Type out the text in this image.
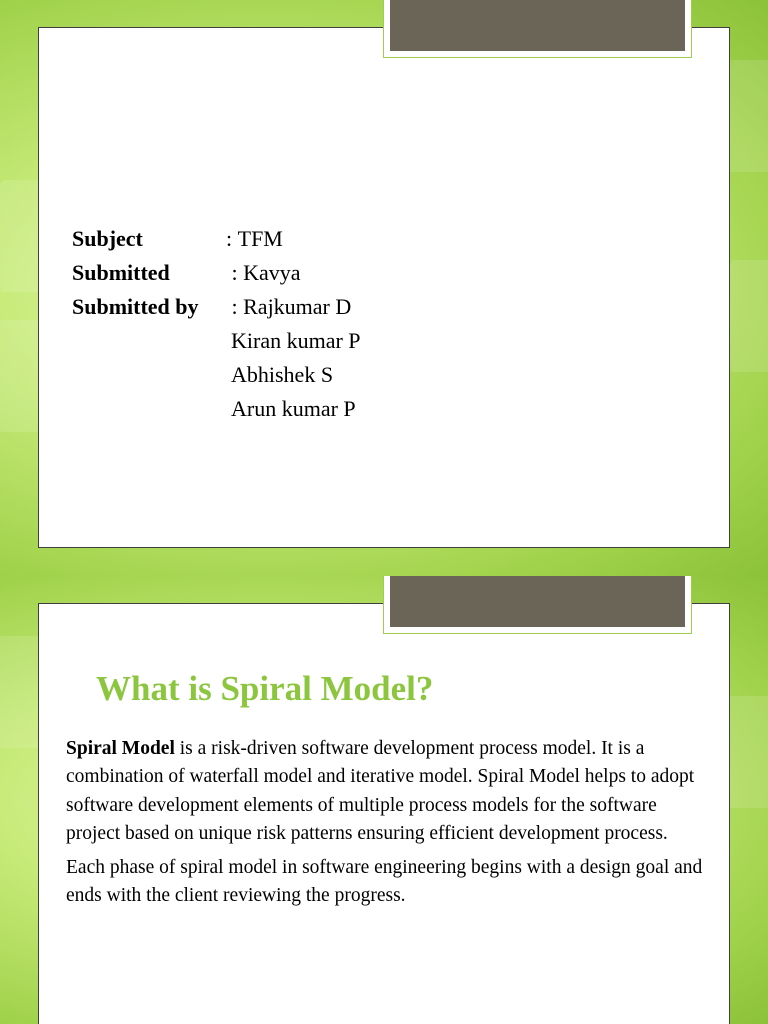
Subject	: TFM
Submitted	: Kavya
Submitted by	: Rajkumar D
Kiran kumar P
Abhishek S
Arun kumar P
What is Spiral Model?

Spiral Model is a risk-driven software development process model. It is a combination of waterfall model and iterative model. Spiral Model helps to adopt software development elements of multiple process models for the software project based on unique risk patterns ensuring efficient development process.

Each phase of spiral model in software engineering begins with a design goal and ends with the client reviewing the progress.
